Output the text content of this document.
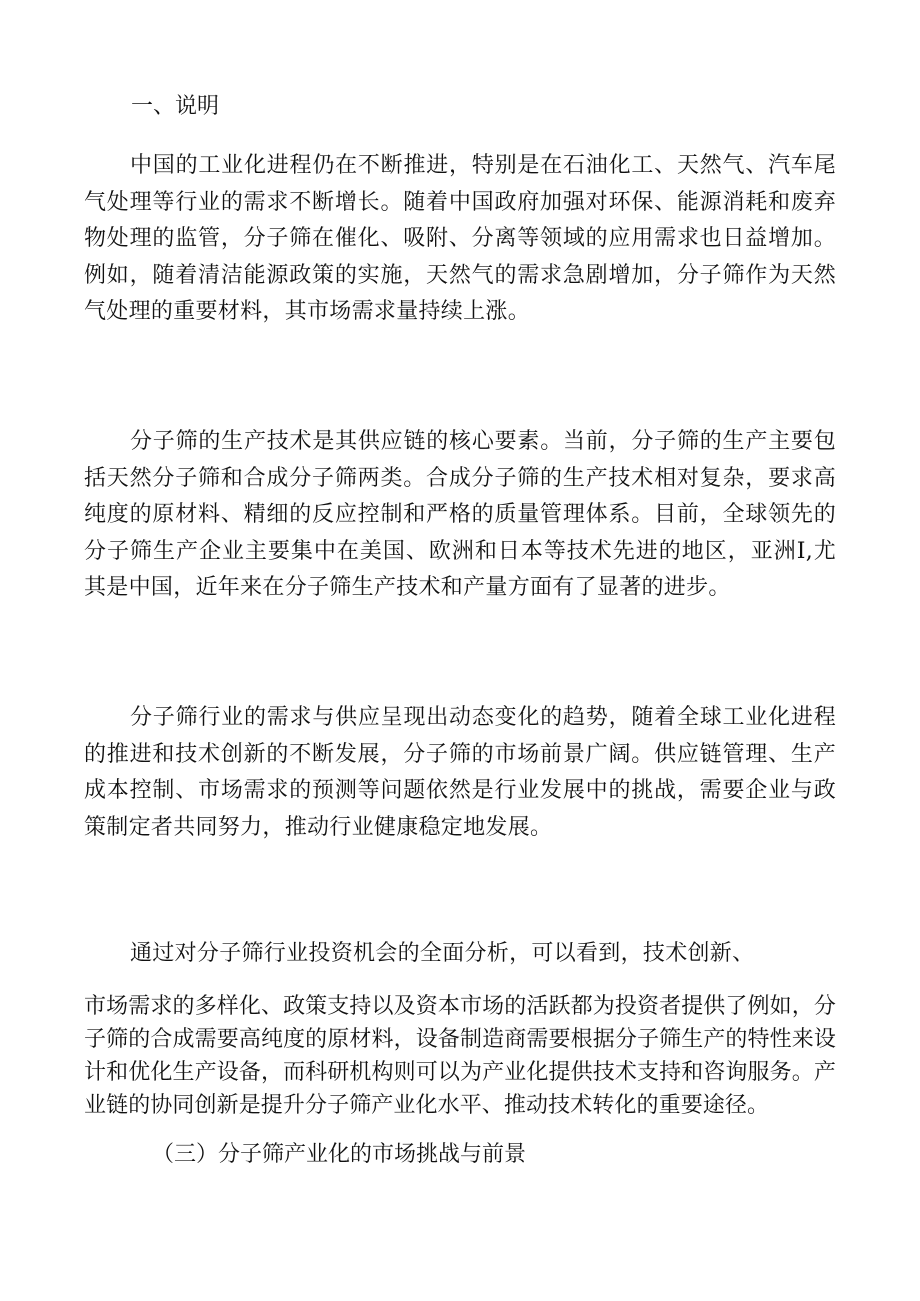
一、说明

中国的工业化进程仍在不断推进，特别是在石油化工、天然气、汽车尾气处理等行业的需求不断增长。随着中国政府加强对环保、能源消耗和废弃物处理的监管，分子筛在催化、吸附、分离等领域的应用需求也日益增加。例如，随着清洁能源政策的实施，天然气的需求急剧增加，分子筛作为天然气处理的重要材料，其市场需求量持续上涨。

分子筛的生产技术是其供应链的核心要素。当前，分子筛的生产主要包括天然分子筛和合成分子筛两类。合成分子筛的生产技术相对复杂，要求高纯度的原材料、精细的反应控制和严格的质量管理体系。目前，全球领先的分子筛生产企业主要集中在美国、欧洲和日本等技术先进的地区，亚洲I,尤其是中国，近年来在分子筛生产技术和产量方面有了显著的进步。

分子筛行业的需求与供应呈现出动态变化的趋势，随着全球工业化进程的推进和技术创新的不断发展，分子筛的市场前景广阔。供应链管理、生产成本控制、市场需求的预测等问题依然是行业发展中的挑战，需要企业与政策制定者共同努力，推动行业健康稳定地发展。

通过对分子筛行业投资机会的全面分析，可以看到，技术创新、

市场需求的多样化、政策支持以及资本市场的活跃都为投资者提供了例如，分子筛的合成需要高纯度的原材料，设备制造商需要根据分子筛生产的特性来设计和优化生产设备，而科研机构则可以为产业化提供技术支持和咨询服务。产业链的协同创新是提升分子筛产业化水平、推动技术转化的重要途径。

（三）分子筛产业化的市场挑战与前景
